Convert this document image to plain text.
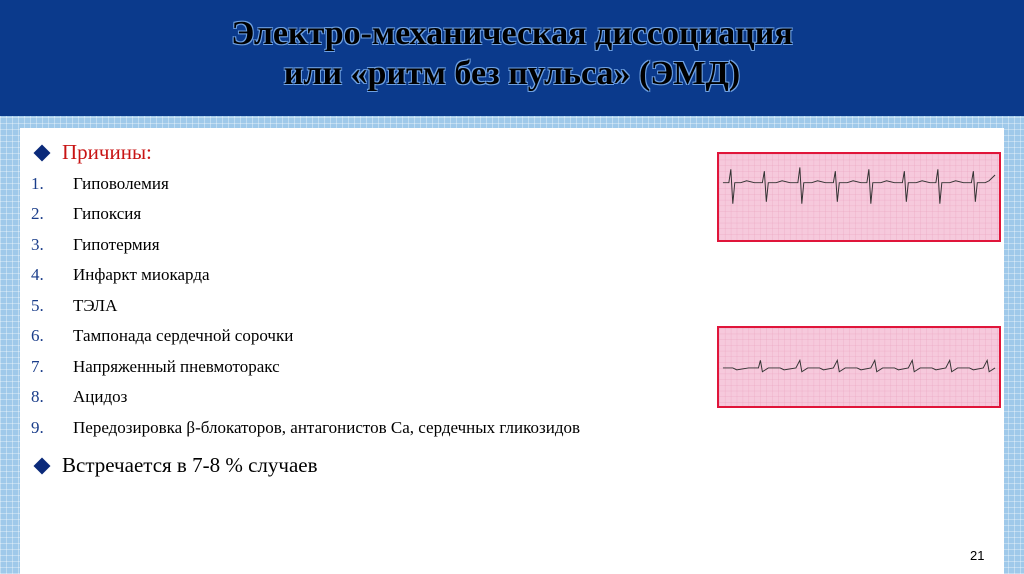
Электро-механическая диссоциация
или «ритм без пульса» (ЭМД)
Причины:
1.	Гиповолемия
2.	Гипоксия
3.	Гипотермия
4.	Инфаркт миокарда
5.	ТЭЛА
6.	Тампонада сердечной сорочки
7.	Напряженный пневмоторакс
8.	Ацидоз
9.	Передозировка β-блокаторов, антагонистов Са, сердечных гликозидов
Встречается в 7-8 % случаев
21
